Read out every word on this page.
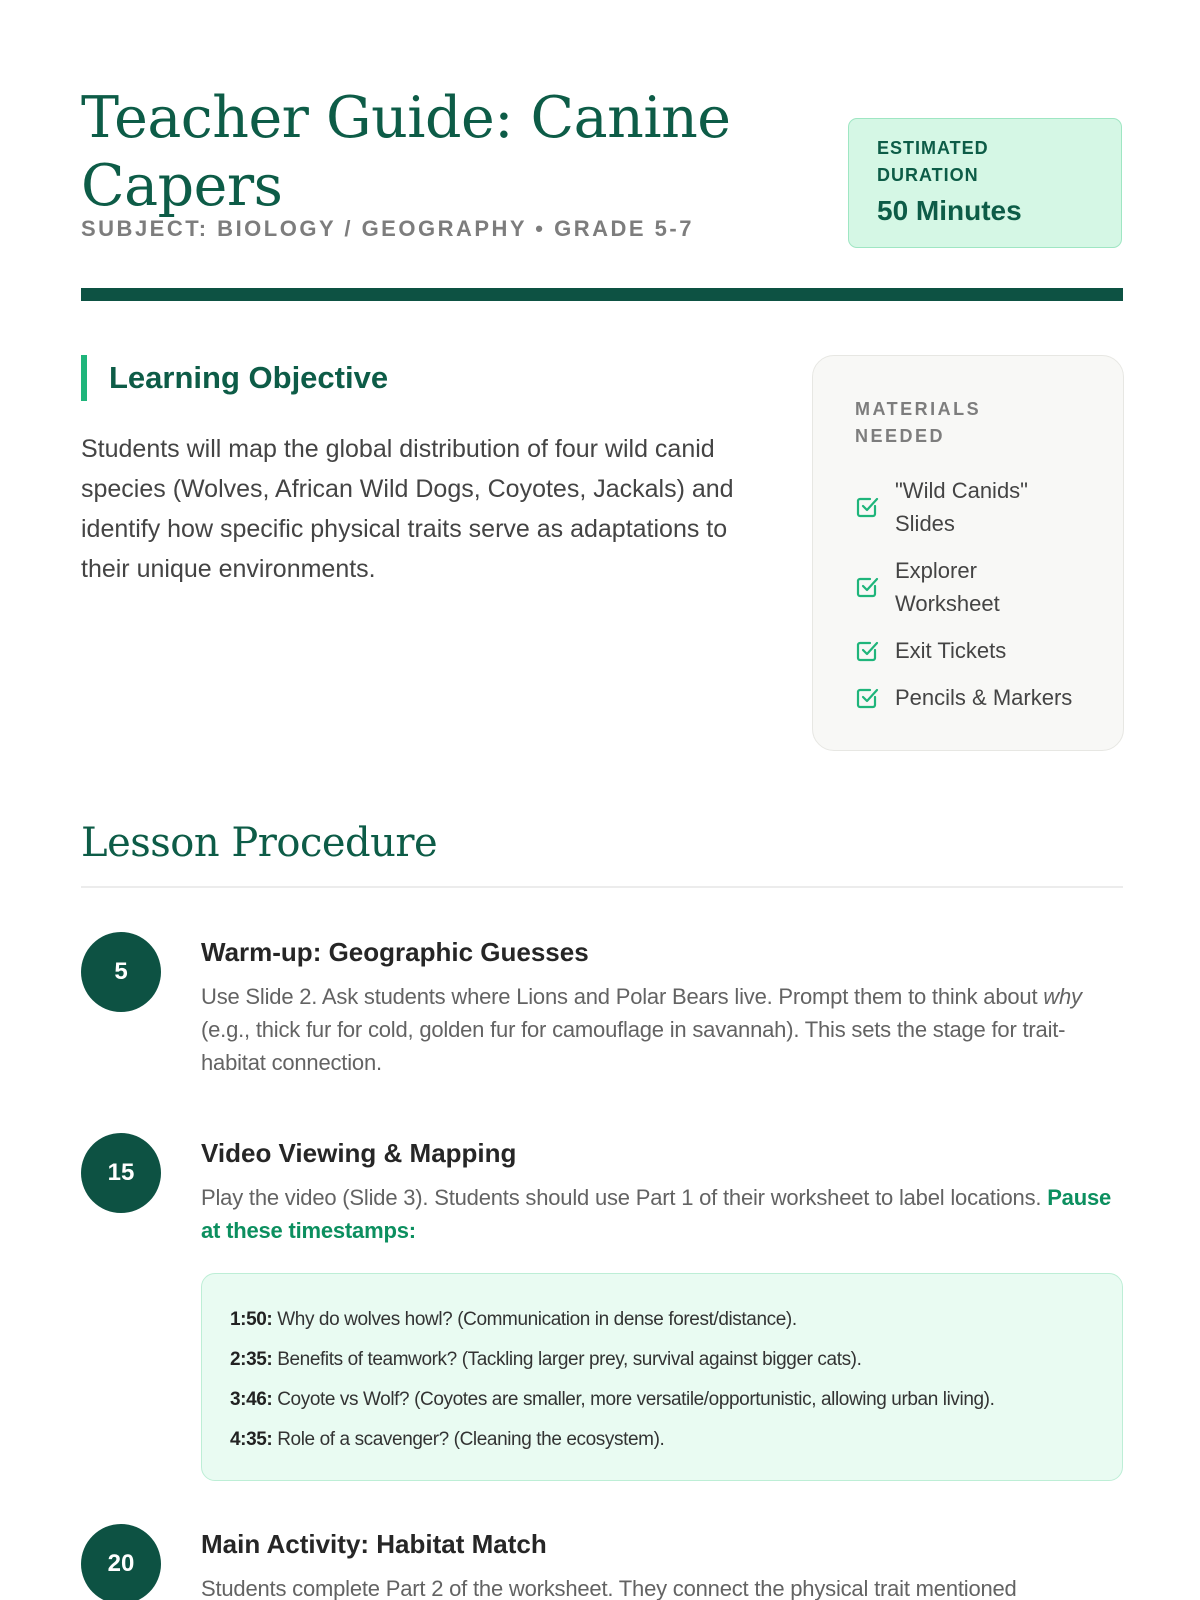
Teacher Guide: Canine Capers
SUBJECT: BIOLOGY / GEOGRAPHY • GRADE 5-7
ESTIMATED DURATION
50 Minutes
Learning Objective

Students will map the global distribution of four wild canid species (Wolves, African Wild Dogs, Coyotes, Jackals) and identify how specific physical traits serve as adaptations to their unique environments.

MATERIALS NEEDED
"Wild Canids" Slides
Explorer Worksheet
Exit Tickets
Pencils & Markers
Lesson Procedure
5
Warm-up: Geographic Guesses

Use Slide 2. Ask students where Lions and Polar Bears live. Prompt them to think about why (e.g., thick fur for cold, golden fur for camouflage in savannah). This sets the stage for trait-habitat connection.

15
Video Viewing & Mapping

Play the video (Slide 3). Students should use Part 1 of their worksheet to label locations. Pause at these timestamps:

1:50: Why do wolves howl? (Communication in dense forest/distance).
2:35: Benefits of teamwork? (Tackling larger prey, survival against bigger cats).
3:46: Coyote vs Wolf? (Coyotes are smaller, more versatile/opportunistic, allowing urban living).
4:35: Role of a scavenger? (Cleaning the ecosystem).
20
Main Activity: Habitat Match

Students complete Part 2 of the worksheet. They connect the physical trait mentioned
